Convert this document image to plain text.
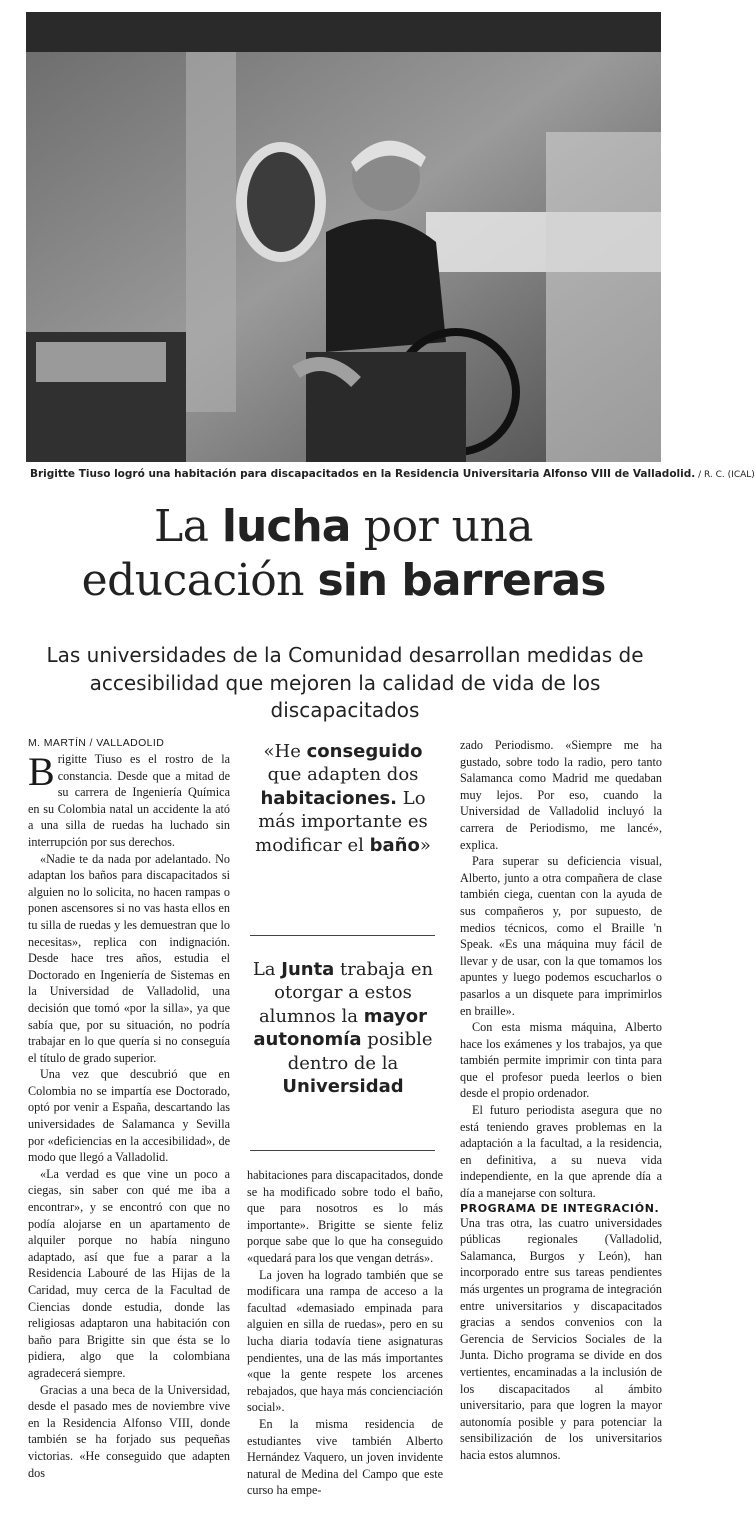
Brigitte Tiuso logró una habitación para discapacitados en la Residencia Universitaria Alfonso VIII de Valladolid. / R. C. (ICAL)
La lucha por una
educación sin barreras
Las universidades de la Comunidad desarrollan medidas de
accesibilidad que mejoren la calidad de vida de los discapacitados
M. MARTÍN / VALLADOLID

Brigitte Tiuso es el rostro de la constancia. Desde que a mitad de su carrera de Ingeniería Química en su Colombia natal un accidente la ató a una silla de ruedas ha luchado sin interrupción por sus derechos.

«Nadie te da nada por adelantado. No adaptan los baños para discapacitados si alguien no lo solicita, no hacen rampas o ponen ascensores si no vas hasta ellos en tu silla de ruedas y les demuestran que lo necesitas», replica con indignación. Desde hace tres años, estudia el Doctorado en Ingeniería de Sistemas en la Universidad de Valladolid, una decisión que tomó «por la silla», ya que sabía que, por su situación, no podría trabajar en lo que quería si no conseguía el título de grado superior.

Una vez que descubrió que en Colombia no se impartía ese Doctorado, optó por venir a España, descartando las universidades de Salamanca y Sevilla por «deficiencias en la accesibilidad», de modo que llegó a Valladolid.

«La verdad es que vine un poco a ciegas, sin saber con qué me iba a encontrar», y se encontró con que no podía alojarse en un apartamento de alquiler porque no había ninguno adaptado, así que fue a parar a la Residencia Labouré de las Hijas de la Caridad, muy cerca de la Facultad de Ciencias donde estudia, donde las religiosas adaptaron una habitación con baño para Brigitte sin que ésta se lo pidiera, algo que la colombiana agradecerá siempre.

Gracias a una beca de la Universidad, desde el pasado mes de noviembre vive en la Residencia Alfonso VIII, donde también se ha forjado sus pequeñas victorias. «He conseguido que adapten dos

«He conseguido que adapten dos habitaciones. Lo más importante es modificar el baño»
La Junta trabaja en otorgar a estos alumnos la mayor autonomía posible dentro de la Universidad

habitaciones para discapacitados, donde se ha modificado sobre todo el baño, que para nosotros es lo más importante». Brigitte se siente feliz porque sabe que lo que ha conseguido «quedará para los que vengan detrás».

La joven ha logrado también que se modificara una rampa de acceso a la facultad «demasiado empinada para alguien en silla de ruedas», pero en su lucha diaria todavía tiene asignaturas pendientes, una de las más importantes «que la gente respete los arcenes rebajados, que haya más concienciación social».

En la misma residencia de estudiantes vive también Alberto Hernández Vaquero, un joven invidente natural de Medina del Campo que este curso ha empe-

zado Periodismo. «Siempre me ha gustado, sobre todo la radio, pero tanto Salamanca como Madrid me quedaban muy lejos. Por eso, cuando la Universidad de Valladolid incluyó la carrera de Periodismo, me lancé», explica.

Para superar su deficiencia visual, Alberto, junto a otra compañera de clase también ciega, cuentan con la ayuda de sus compañeros y, por supuesto, de medios técnicos, como el Braille 'n Speak. «Es una máquina muy fácil de llevar y de usar, con la que tomamos los apuntes y luego podemos escucharlos o pasarlos a un disquete para imprimirlos en braille».

Con esta misma máquina, Alberto hace los exámenes y los trabajos, ya que también permite imprimir con tinta para que el profesor pueda leerlos o bien desde el propio ordenador.

El futuro periodista asegura que no está teniendo graves problemas en la adaptación a la facultad, a la residencia, en definitiva, a su nueva vida independiente, en la que aprende día a día a manejarse con soltura.

PROGRAMA DE INTEGRACIÓN.

Una tras otra, las cuatro universidades públicas regionales (Valladolid, Salamanca, Burgos y León), han incorporado entre sus tareas pendientes más urgentes un programa de integración entre universitarios y discapacitados gracias a sendos convenios con la Gerencia de Servicios Sociales de la Junta. Dicho programa se divide en dos vertientes, encaminadas a la inclusión de los discapacitados al ámbito universitario, para que logren la mayor autonomía posible y para potenciar la sensibilización de los universitarios hacia estos alumnos.
